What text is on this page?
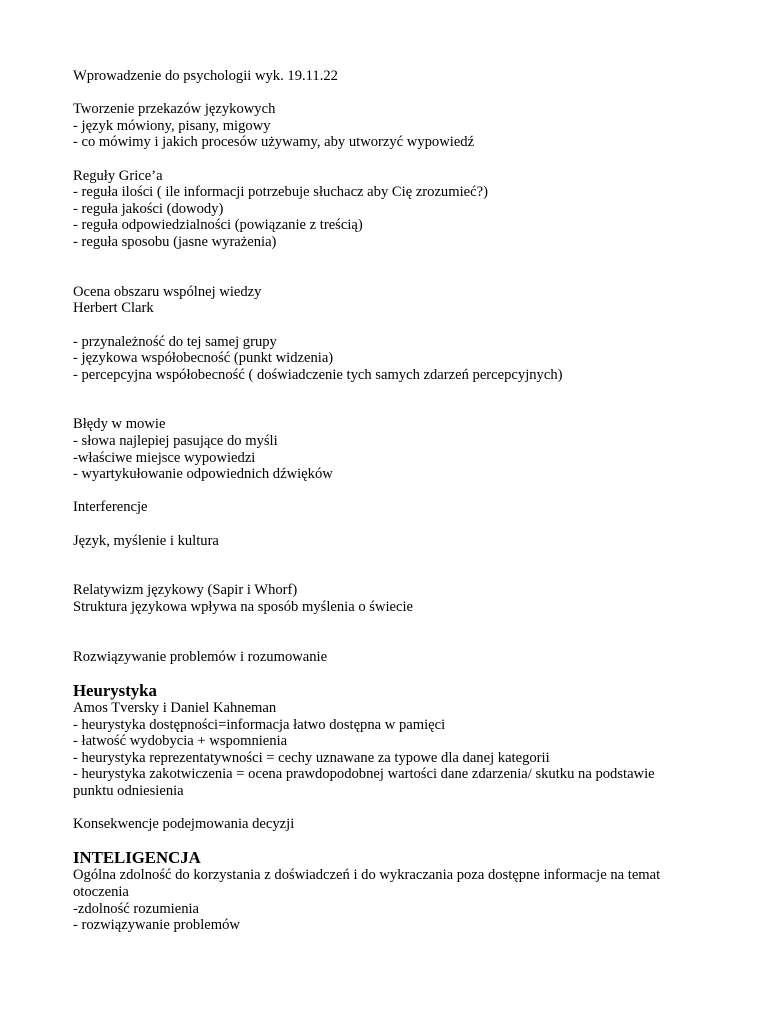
Wprowadzenie do psychologii wyk. 19.11.22

Tworzenie przekazów językowych

- język mówiony, pisany, migowy

- co mówimy i jakich procesów używamy, aby utworzyć wypowiedź

Reguły Grice’a

- reguła ilości ( ile informacji potrzebuje słuchacz aby Cię zrozumieć?)

- reguła jakości (dowody)

- reguła odpowiedzialności (powiązanie z treścią)

- reguła sposobu (jasne wyrażenia)

Ocena obszaru wspólnej wiedzy

Herbert Clark

- przynależność do tej samej grupy

- językowa współobecność (punkt widzenia)

- percepcyjna współobecność ( doświadczenie tych samych zdarzeń percepcyjnych)

Błędy w mowie

- słowa najlepiej pasujące do myśli

-właściwe miejsce wypowiedzi

- wyartykułowanie odpowiednich dźwięków

Interferencje

Język, myślenie i kultura

Relatywizm językowy (Sapir i Whorf)

Struktura językowa wpływa na sposób myślenia o świecie

Rozwiązywanie problemów i rozumowanie

Heurystyka

Amos Tversky i Daniel Kahneman

- heurystyka dostępności=informacja łatwo dostępna w pamięci

- łatwość wydobycia + wspomnienia

- heurystyka reprezentatywności = cechy uznawane za typowe dla danej kategorii

- heurystyka zakotwiczenia = ocena prawdopodobnej wartości dane zdarzenia/ skutku na podstawie punktu odniesienia

Konsekwencje podejmowania decyzji

INTELIGENCJA

Ogólna zdolność do korzystania z doświadczeń i do wykraczania poza dostępne informacje na temat otoczenia

-zdolność rozumienia

- rozwiązywanie problemów
